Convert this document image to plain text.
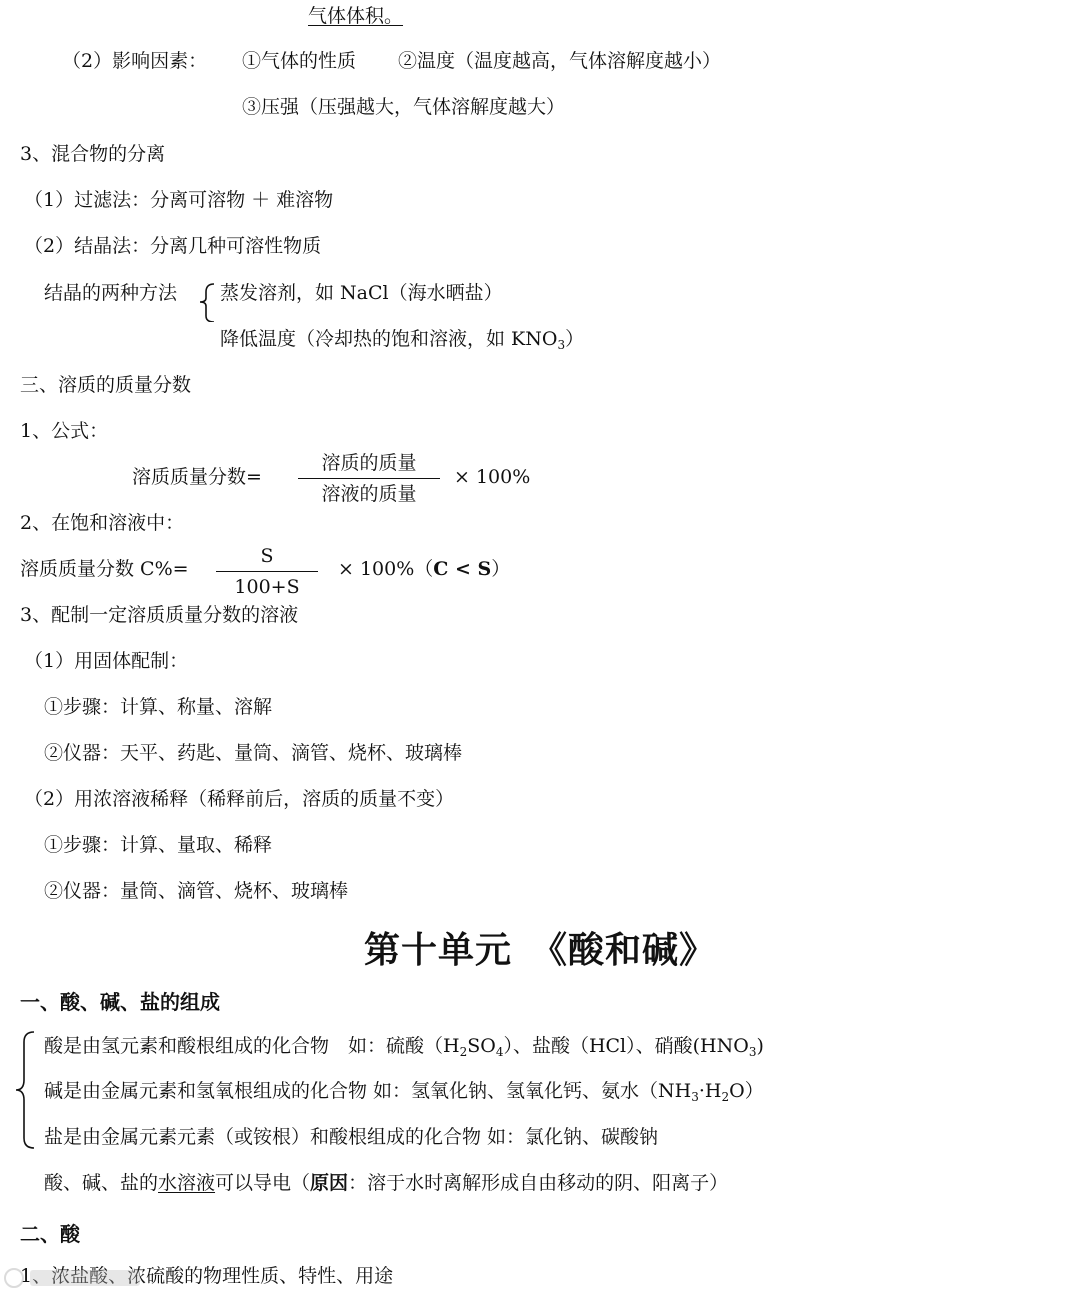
气体体积。
（2）影响因素： ①气体的性质 ②温度（温度越高，气体溶解度越小）
③压强（压强越大，气体溶解度越大）
3、混合物的分离
（1）过滤法：分离可溶物 ＋ 难溶物
（2）结晶法：分离几种可溶性物质
结晶的两种方法 蒸发溶剂，如 NaCl（海水晒盐）
降低温度（冷却热的饱和溶液，如 $KNO_3$）
三、溶质的质量分数
1、公式：
溶质质量分数=
溶质的质量
溶液的质量
× 100%
2、在饱和溶液中：
溶质质量分数 C%=
S
100+S
× 100%（C < S）
3、配制一定溶质质量分数的溶液
（1）用固体配制：
①步骤：计算、称量、溶解
②仪器：天平、药匙、量筒、滴管、烧杯、玻璃棒
（2）用浓溶液稀释（稀释前后，溶质的质量不变）
①步骤：计算、量取、稀释
②仪器：量筒、滴管、烧杯、玻璃棒
第十单元　《酸和碱》
一、酸、碱、盐的组成
酸是由氢元素和酸根组成的化合物　如：硫酸$(H_2SO_4)$、盐酸（HCl）、硝酸$(HNO_3)$
碱是由金属元素和氢氧根组成的化合物 如：氢氧化钠、氢氧化钙、氨水$(NH_3\cdot H_2O)$
盐是由金属元素元素（或铵根）和酸根组成的化合物 如：氯化钠、碳酸钠
酸、碱、盐的水溶液可以导电（原因：溶于水时离解形成自由移动的阴、阳离子）
二、酸
1、浓盐酸、浓硫酸的物理性质、特性、用途
